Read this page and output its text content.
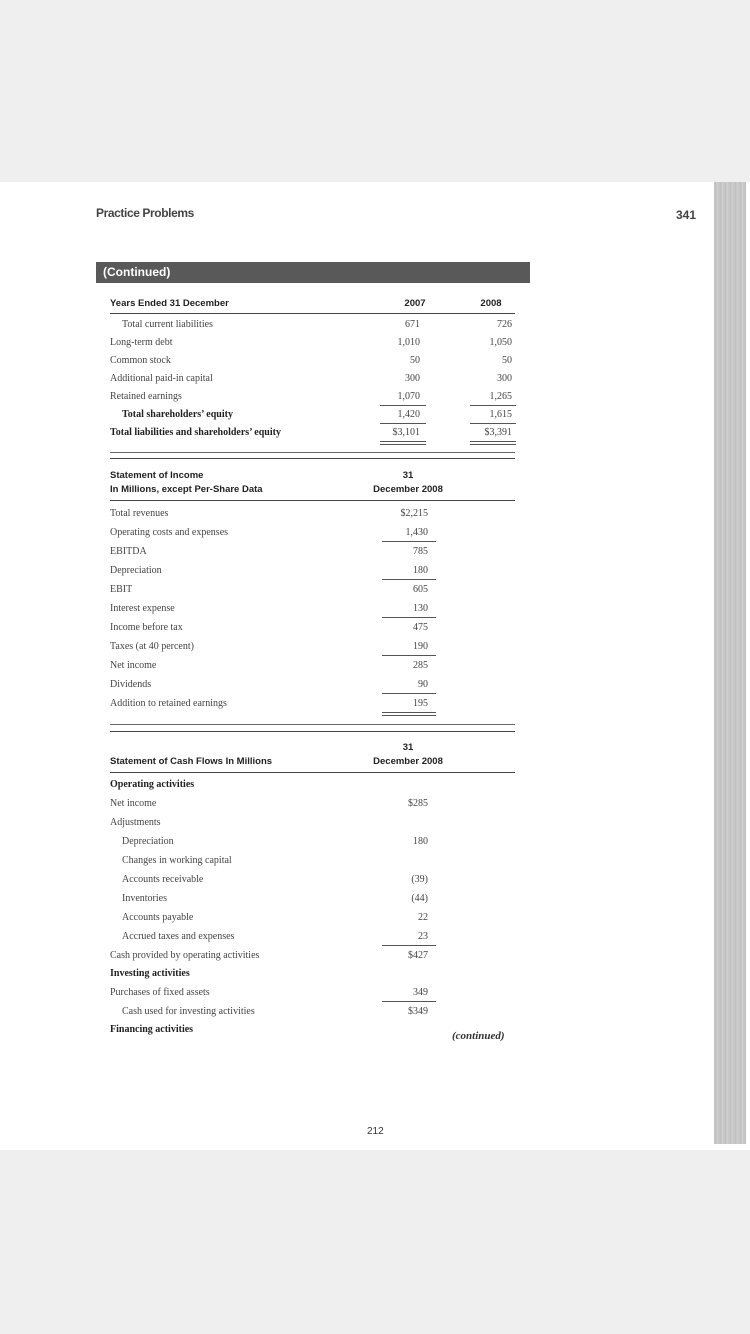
Practice Problems	341
(Continued)
Years Ended 31 December	2007	2008
Total current liabilities	671	726
Long-term debt	1,010	1,050
Common stock	50	50
Additional paid-in capital	300	300
Retained earnings	1,070	1,265
Total shareholders’ equity	1,420	1,615
Total liabilities and shareholders’ equity	$3,101	$3,391
Statement of Income
In Millions, except Per-Share Data
31
December 2008
Total revenues	$2,215
Operating costs and expenses	1,430
EBITDA	785
Depreciation	180
EBIT	605
Interest expense	130
Income before tax	475
Taxes (at 40 percent)	190
Net income	285
Dividends	90
Addition to retained earnings	195
31
Statement of Cash Flows In Millions	December 2008
Operating activities
Net income	$285
Adjustments
Depreciation	180
Changes in working capital
Accounts receivable	(39)
Inventories	(44)
Accounts payable	22
Accrued taxes and expenses	23
Cash provided by operating activities	$427
Investing activities
Purchases of fixed assets	349
Cash used for investing activities	$349
Financing activities
(continued)
212
